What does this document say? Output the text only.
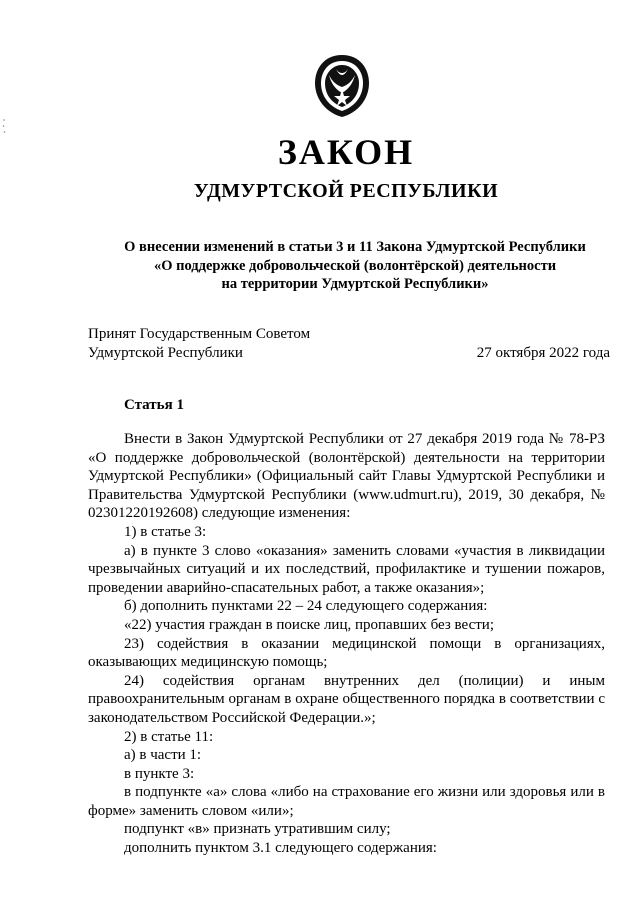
ЗАКОН
УДМУРТСКОЙ РЕСПУБЛИКИ
О внесении изменений в статьи 3 и 11 Закона Удмуртской Республики
«О поддержке добровольческой (волонтёрской) деятельности
на территории Удмуртской Республики»
Принят Государственным Советом
Удмуртской Республики	27 октября 2022 года
Статья 1

Внести в Закон Удмуртской Республики от 27 декабря 2019 года № 78-РЗ «О поддержке добровольческой (волонтёрской) деятельности на территории Удмуртской Республики» (Официальный сайт Главы Удмуртской Республики и Правительства Удмуртской Республики (www.udmurt.ru), 2019, 30 декабря, № 02301220192608) следующие изменения:

1) в статье 3:

а) в пункте 3 слово «оказания» заменить словами «участия в ликвидации чрезвычайных ситуаций и их последствий, профилактике и тушении пожаров, проведении аварийно-спасательных работ, а также оказания»;

б) дополнить пунктами 22 – 24 следующего содержания:

«22) участия граждан в поиске лиц, пропавших без вести;

23) содействия в оказании медицинской помощи в организациях, оказывающих медицинскую помощь;

24) содействия органам внутренних дел (полиции) и иным правоохранительным органам в охране общественного порядка в соответствии с законодательством Российской Федерации.»;

2) в статье 11:

а) в части 1:

в пункте 3:

в подпункте «а» слова «либо на страхование его жизни или здоровья или в форме» заменить словом «или»;

подпункт «в» признать утратившим силу;

дополнить пунктом 3.1 следующего содержания:
